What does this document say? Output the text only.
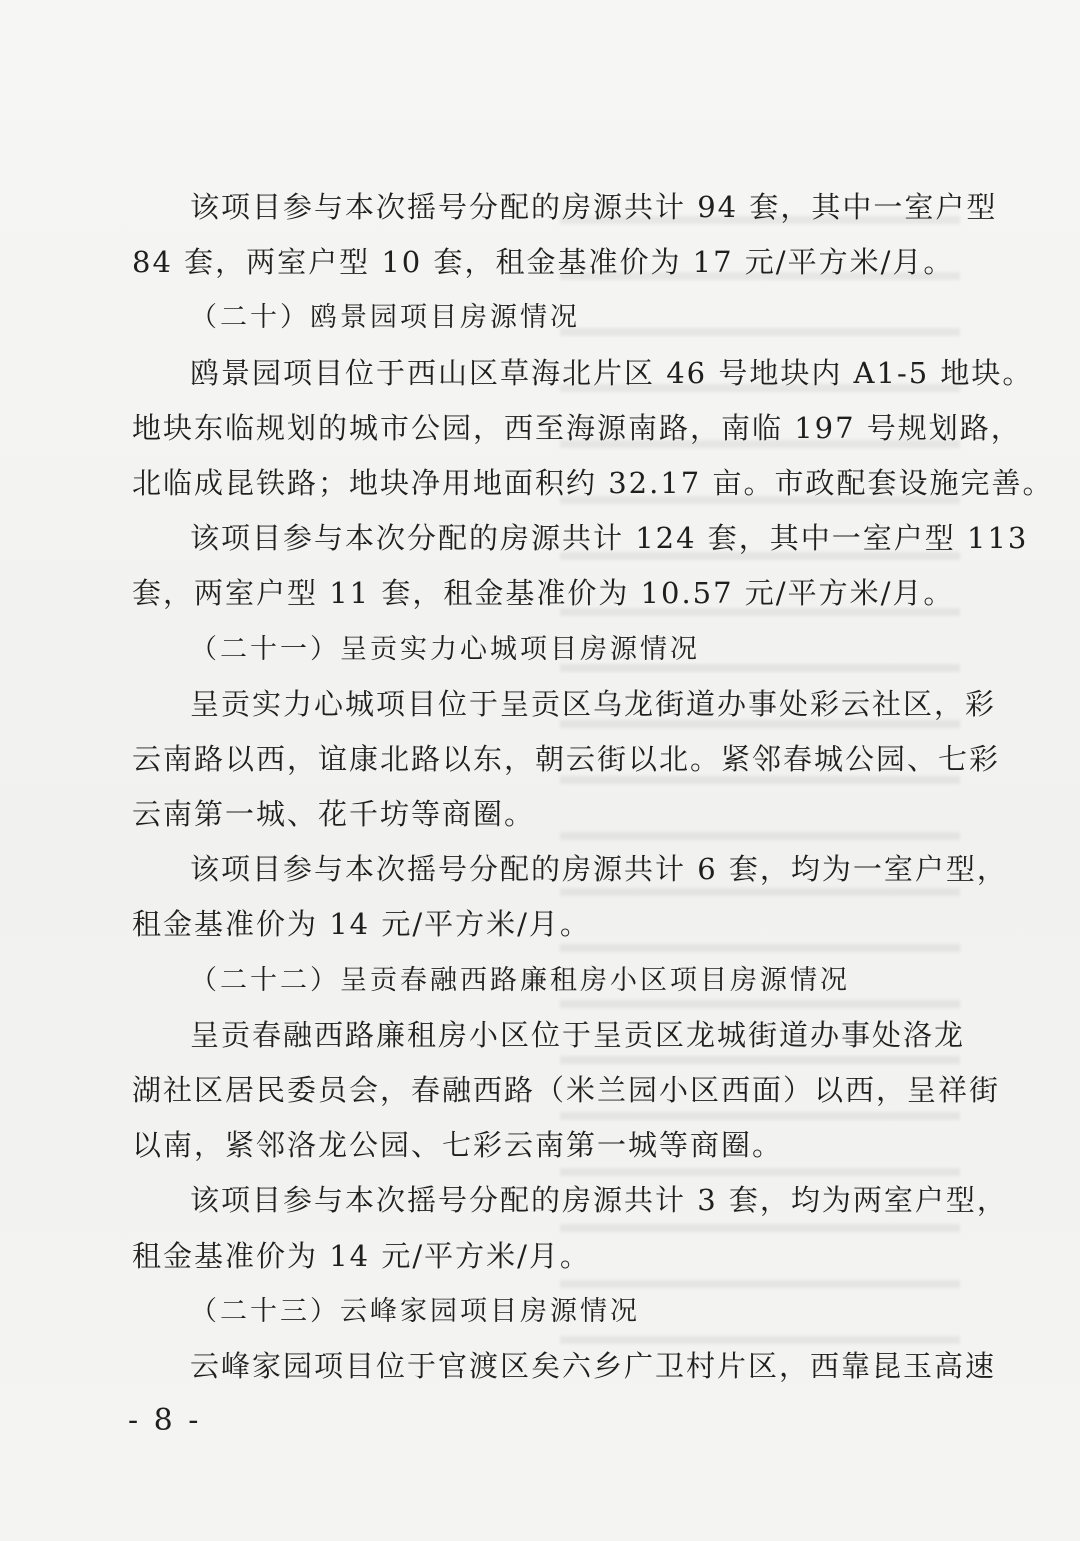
该项目参与本次摇号分配的房源共计 94 套，其中一室户型
84 套，两室户型 10 套，租金基准价为 17 元/平方米/月。
（二十）鸥景园项目房源情况
鸥景园项目位于西山区草海北片区 46 号地块内 A1-5 地块。
地块东临规划的城市公园，西至海源南路，南临 197 号规划路，
北临成昆铁路；地块净用地面积约 32.17 亩。市政配套设施完善。
该项目参与本次分配的房源共计 124 套，其中一室户型 113
套，两室户型 11 套，租金基准价为 10.57 元/平方米/月。
（二十一）呈贡实力心城项目房源情况
呈贡实力心城项目位于呈贡区乌龙街道办事处彩云社区，彩
云南路以西，谊康北路以东，朝云街以北。紧邻春城公园、七彩
云南第一城、花千坊等商圈。
该项目参与本次摇号分配的房源共计 6 套，均为一室户型，
租金基准价为 14 元/平方米/月。
（二十二）呈贡春融西路廉租房小区项目房源情况
呈贡春融西路廉租房小区位于呈贡区龙城街道办事处洛龙
湖社区居民委员会，春融西路（米兰园小区西面）以西，呈祥街
以南，紧邻洛龙公园、七彩云南第一城等商圈。
该项目参与本次摇号分配的房源共计 3 套，均为两室户型，
租金基准价为 14 元/平方米/月。
（二十三）云峰家园项目房源情况
云峰家园项目位于官渡区矣六乡广卫村片区，西靠昆玉高速
- 8 -
